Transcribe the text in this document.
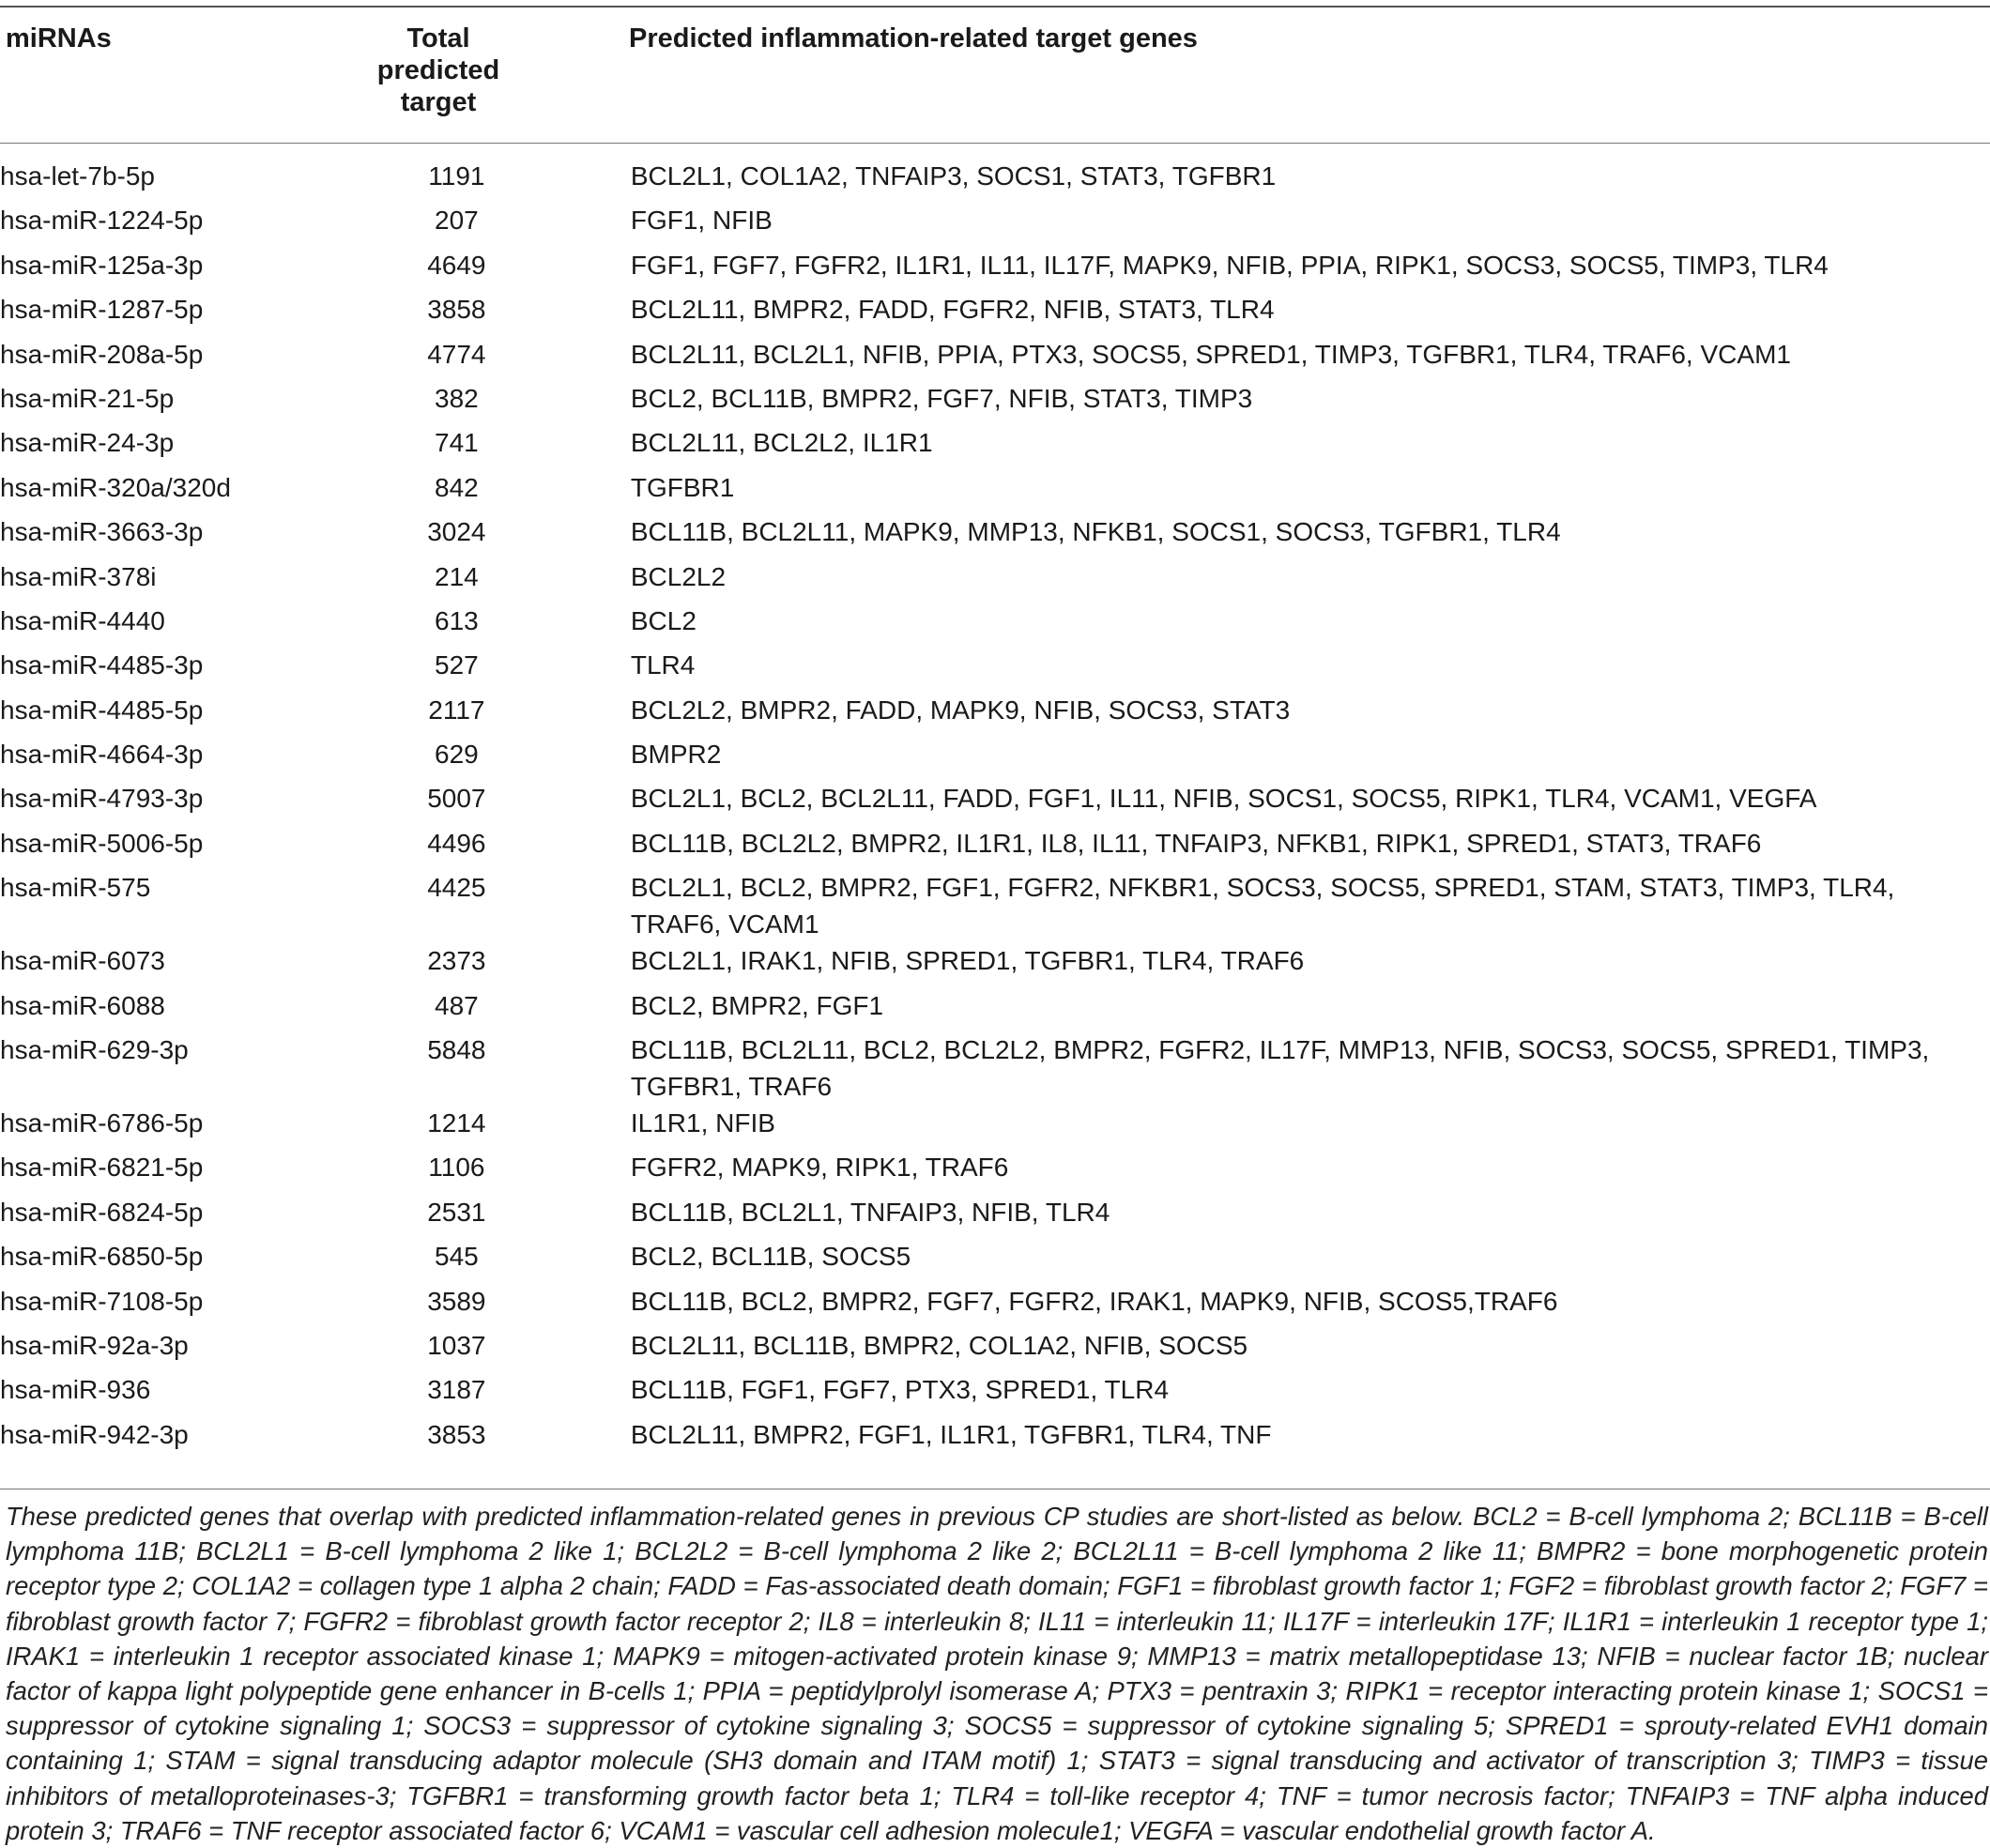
miRNAs	Total predicted target
Predicted inflammation-related target genes
hsa-let-7b-5p	1191		BCL2L1, COL1A2, TNFAIP3, SOCS1, STAT3, TGFBR1
hsa-miR-1224-5p	207		FGF1, NFIB
hsa-miR-125a-3p	4649		FGF1, FGF7, FGFR2, IL1R1, IL11, IL17F, MAPK9, NFIB, PPIA, RIPK1, SOCS3, SOCS5, TIMP3, TLR4
hsa-miR-1287-5p	3858		BCL2L11, BMPR2, FADD, FGFR2, NFIB, STAT3, TLR4
hsa-miR-208a-5p	4774		BCL2L11, BCL2L1, NFIB, PPIA, PTX3, SOCS5, SPRED1, TIMP3, TGFBR1, TLR4, TRAF6, VCAM1
hsa-miR-21-5p	382		BCL2, BCL11B, BMPR2, FGF7, NFIB, STAT3, TIMP3
hsa-miR-24-3p	741		BCL2L11, BCL2L2, IL1R1
hsa-miR-320a/320d	842		TGFBR1
hsa-miR-3663-3p	3024		BCL11B, BCL2L11, MAPK9, MMP13, NFKB1, SOCS1, SOCS3, TGFBR1, TLR4
hsa-miR-378i	214		BCL2L2
hsa-miR-4440	613		BCL2
hsa-miR-4485-3p	527		TLR4
hsa-miR-4485-5p	2117		BCL2L2, BMPR2, FADD, MAPK9, NFIB, SOCS3, STAT3
hsa-miR-4664-3p	629		BMPR2
hsa-miR-4793-3p	5007		BCL2L1, BCL2, BCL2L11, FADD, FGF1, IL11, NFIB, SOCS1, SOCS5, RIPK1, TLR4, VCAM1, VEGFA
hsa-miR-5006-5p	4496		BCL11B, BCL2L2, BMPR2, IL1R1, IL8, IL11, TNFAIP3, NFKB1, RIPK1, SPRED1, STAT3, TRAF6
hsa-miR-575	4425		BCL2L1, BCL2, BMPR2, FGF1, FGFR2, NFKBR1, SOCS3, SOCS5, SPRED1, STAM, STAT3, TIMP3, TLR4, TRAF6, VCAM1
hsa-miR-6073	2373		BCL2L1, IRAK1, NFIB, SPRED1, TGFBR1, TLR4, TRAF6
hsa-miR-6088	487		BCL2, BMPR2, FGF1
hsa-miR-629-3p	5848		BCL11B, BCL2L11, BCL2, BCL2L2, BMPR2, FGFR2, IL17F, MMP13, NFIB, SOCS3, SOCS5, SPRED1, TIMP3, TGFBR1, TRAF6
hsa-miR-6786-5p	1214		IL1R1, NFIB
hsa-miR-6821-5p	1106		FGFR2, MAPK9, RIPK1, TRAF6
hsa-miR-6824-5p	2531		BCL11B, BCL2L1, TNFAIP3, NFIB, TLR4
hsa-miR-6850-5p	545		BCL2, BCL11B, SOCS5
hsa-miR-7108-5p	3589		BCL11B, BCL2, BMPR2, FGF7, FGFR2, IRAK1, MAPK9, NFIB, SCOS5,TRAF6
hsa-miR-92a-3p	1037		BCL2L11, BCL11B, BMPR2, COL1A2, NFIB, SOCS5
hsa-miR-936	3187		BCL11B, FGF1, FGF7, PTX3, SPRED1, TLR4
hsa-miR-942-3p	3853		BCL2L11, BMPR2, FGF1, IL1R1, TGFBR1, TLR4, TNF
These predicted genes that overlap with predicted inflammation-related genes in previous CP studies are short-listed as below. BCL2 = B-cell lymphoma 2; BCL11B = B-cell lymphoma 11B; BCL2L1 = B-cell lymphoma 2 like 1; BCL2L2 = B-cell lymphoma 2 like 2; BCL2L11 = B-cell lymphoma 2 like 11; BMPR2 = bone morphogenetic protein receptor type 2; COL1A2 = collagen type 1 alpha 2 chain; FADD = Fas-associated death domain; FGF1 = fibroblast growth factor 1; FGF2 = fibroblast growth factor 2; FGF7 = fibroblast growth factor 7; FGFR2 = fibroblast growth factor receptor 2; IL8 = interleukin 8; IL11 = interleukin 11; IL17F = interleukin 17F; IL1R1 = interleukin 1 receptor type 1; IRAK1 = interleukin 1 receptor associated kinase 1; MAPK9 = mitogen-activated protein kinase 9; MMP13 = matrix metallopeptidase 13; NFIB = nuclear factor 1B; nuclear factor of kappa light polypeptide gene enhancer in B-cells 1; PPIA = peptidylprolyl isomerase A; PTX3 = pentraxin 3; RIPK1 = receptor interacting protein kinase 1; SOCS1 = suppressor of cytokine signaling 1; SOCS3 = suppressor of cytokine signaling 3; SOCS5 = suppressor of cytokine signaling 5; SPRED1 = sprouty-related EVH1 domain containing 1; STAM = signal transducing adaptor molecule (SH3 domain and ITAM motif) 1; STAT3 = signal transducing and activator of transcription 3; TIMP3 = tissue inhibitors of metalloproteinases-3; TGFBR1 = transforming growth factor beta 1; TLR4 = toll-like receptor 4; TNF = tumor necrosis factor; TNFAIP3 = TNF alpha induced protein 3; TRAF6 = TNF receptor associated factor 6; VCAM1 = vascular cell adhesion molecule1; VEGFA = vascular endothelial growth factor A.
